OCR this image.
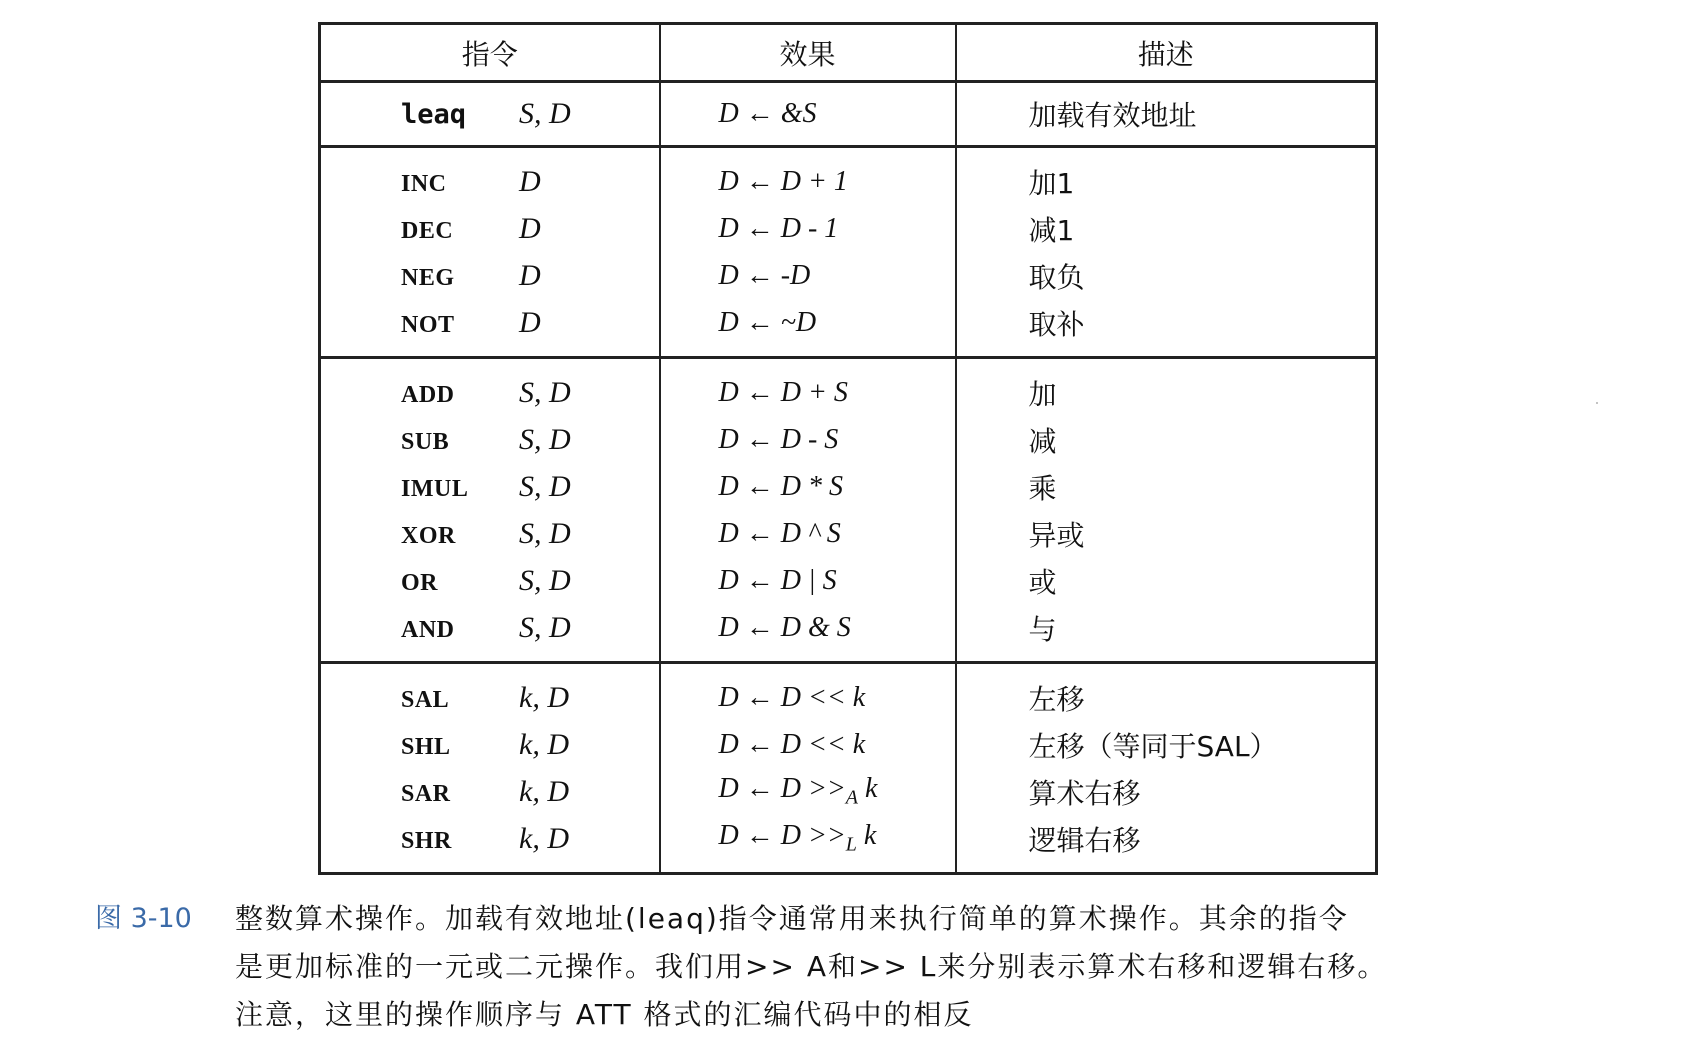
指令	效果	描述
leaq S, D	D ← &S	加载有效地址
INC D	D ← D + 1	加1
DEC D	D ← D - 1	减1
NEG D	D ← -D	取负
NOT D	D ← ~D	取补
ADD S, D	D ← D + S	加
SUB S, D	D ← D - S	减
IMUL S, D	D ← D * S	乘
XOR S, D	D ← D ^ S	异或
OR S, D	D ← D | S	或
AND S, D	D ← D & S	与
SAL k, D	D ← D << k	左移
SHL k, D	D ← D << k	左移（等同于SAL）
SAR k, D	D ← $D >>_A$ k	算术右移
SHR k, D	D ← $D >>_L$ k	逻辑右移
图 3-10 整数算术操作。加载有效地址(leaq)指令通常用来执行简单的算术操作。其余的指令
是更加标准的一元或二元操作。我们用>> A和>> L来分别表示算术右移和逻辑右移。
注意，这里的操作顺序与 ATT 格式的汇编代码中的相反
